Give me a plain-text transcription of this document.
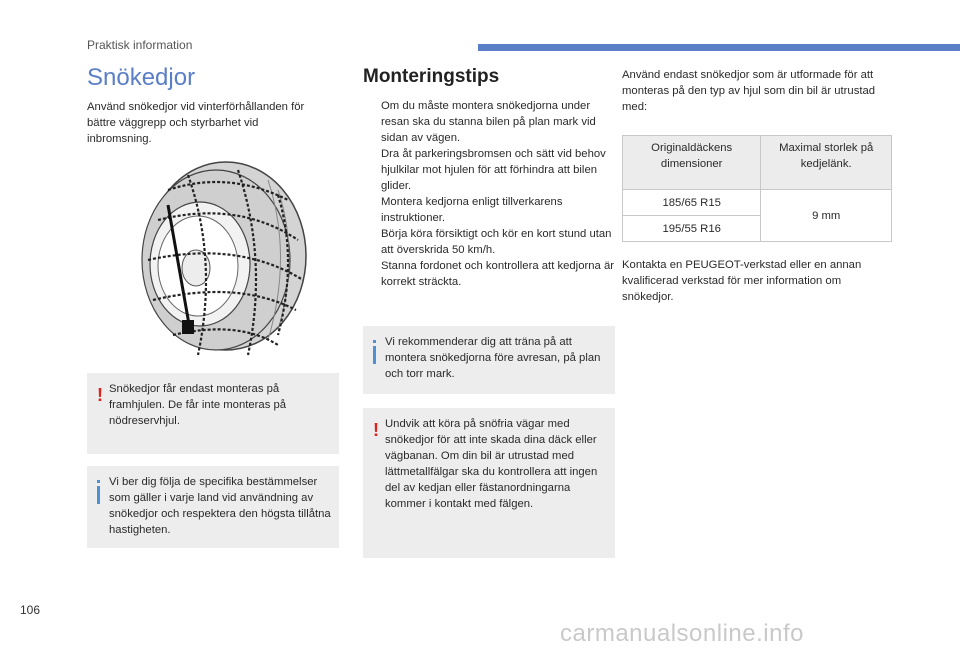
Praktisk information
Snökedjor

Använd snökedjor vid vinterförhållanden för bättre väggrepp och styrbarhet vid inbromsning.

! Snökedjor får endast monteras på framhjulen. De får inte monteras på nödreservhjul.

Vi ber dig följa de specifika bestämmelser som gäller i varje land vid användning av snökedjor och respektera den högsta tillåtna hastigheten.

Monteringstips
Om du måste montera snökedjorna under resan ska du stanna bilen på plan mark vid sidan av vägen.
Dra åt parkeringsbromsen och sätt vid behov hjulkilar mot hjulen för att förhindra att bilen glider.
Montera kedjorna enligt tillverkarens instruktioner.
Börja köra försiktigt och kör en kort stund utan att överskrida 50 km/h.
Stanna fordonet och kontrollera att kedjorna är korrekt sträckta.

Vi rekommenderar dig att träna på att montera snökedjorna före avresan, på plan och torr mark.

! Undvik att köra på snöfria vägar med snökedjor för att inte skada dina däck eller vägbanan. Om din bil är utrustad med lättmetallfälgar ska du kontrollera att ingen del av kedjan eller fästanordningarna kommer i kontakt med fälgen.

Använd endast snökedjor som är utformade för att monteras på den typ av hjul som din bil är utrustad med:

Originaldäckens dimensioner	Maximal storlek på kedjelänk.
185/65 R15	9 mm
195/55 R16	

Kontakta en PEUGEOT-verkstad eller en annan kvalificerad verkstad för mer information om snökedjor.

106
carmanualsonline.info
